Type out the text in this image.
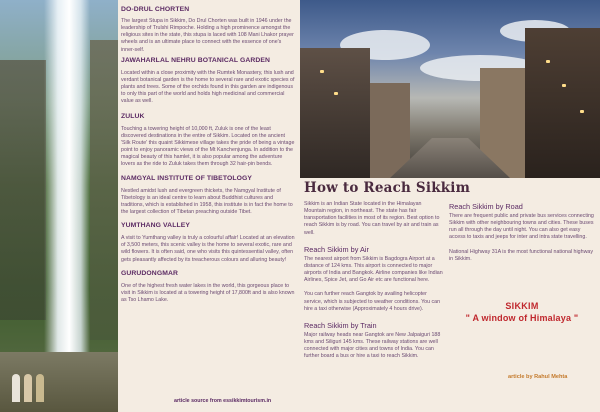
DO-DRUL CHORTEN

The largest Stupa in Sikkim, Do Drul Chorten was built in 1946 under the leadership of Trulshi Rimpoche. Holding a high prominence amongst the religious sites in the state, this stupa is laced with 108 Mani Lhakor prayer wheels and is an ultimate place to connect with the essence of one's inner-self.

JAWAHARLAL NEHRU BOTANICAL GARDEN

Located within a close proximity with the Rumtek Monastery, this lush and verdant botanical garden is the home to several rare and exotic species of plants and trees. Some of the orchids found in this garden are indigenous to only this part of the world and holds high medicinal and commercial value as well.

ZULUK

Touching a towering height of 10,000 ft, Zuluk is one of the least discovered destinations in the entire of Sikkim. Located on the ancient 'Silk Route' this quaint Sikkimese village takes the pride of being a vintage point to enjoy panoramic views of the Mt Kanchenjunga. In addition to the magical beauty of this hamlet, it is also popular among the adventure lovers as the ride to Zuluk takes them through 32 hair-pin bends.

NAMGYAL INSTITUTE OF TIBETOLOGY

Nestled amidst lush and evergreen thickets, the Namgyal Institute of Tibetology is an ideal centre to learn about Buddhist cultures and traditions, which is established in 1958, this institute is in fact the home to the largest collection of Tibetan preaching outside Tibet.

YUMTHANG VALLEY

A visit to Yumthang valley is truly a colourful affair! Located at an elevation of 3,500 meters, this scenic valley is the home to several exotic, rare and wild flowers. It is often said, one who visits this quintessential valley, often gets pleasantly affected by its treacherous colours and alluring beauty!

GURUDONGMAR

One of the highest fresh water lakes in the world, this gorgeous place to visit in Sikkim is located at a towering height of 17,800ft and is also known as Tso Lhamo Lake.

article source from essikkimtourism.in
How to Reach Sikkim

Sikkim is an Indian State located in the Himalayan Mountain region, in northeast. The state has fair transportation facilities in most of its region. Best option to reach Sikkim is by road. You can travel by air and train as well.

Reach Sikkim by Air

The nearest airport from Sikkim is Bagdogra Airport at a distance of 124 kms. This airport is connected to major airports of India and Bangkok. Airline companies like Indian Airlines, Spice Jet, and Go Air etc are functional here.

You can further reach Gangtok by availing helicopter service, which is subjected to weather conditions. You can hire a taxi otherwise (Approximately 4 hours drive).

Reach Sikkim by Train

Major railway heads near Gangtok are New Jalpaiguri 188 kms and Siliguri 145 kms. These railway stations are well connected with major cities and towns of India. You can further board a bus or hire a taxi to reach Sikkim.

Reach Sikkim by Road

There are frequent public and private bus services connecting Sikkim with other neighbouring towns and cities. These buses run all through the day until night. You can also get easy access to taxis and jeeps for inter and intra state travelling.

National Highway 31A is the most functional national highway in Sikkim.

SIKKIM
" A window of Himalaya "
article by Rahul Mehta
